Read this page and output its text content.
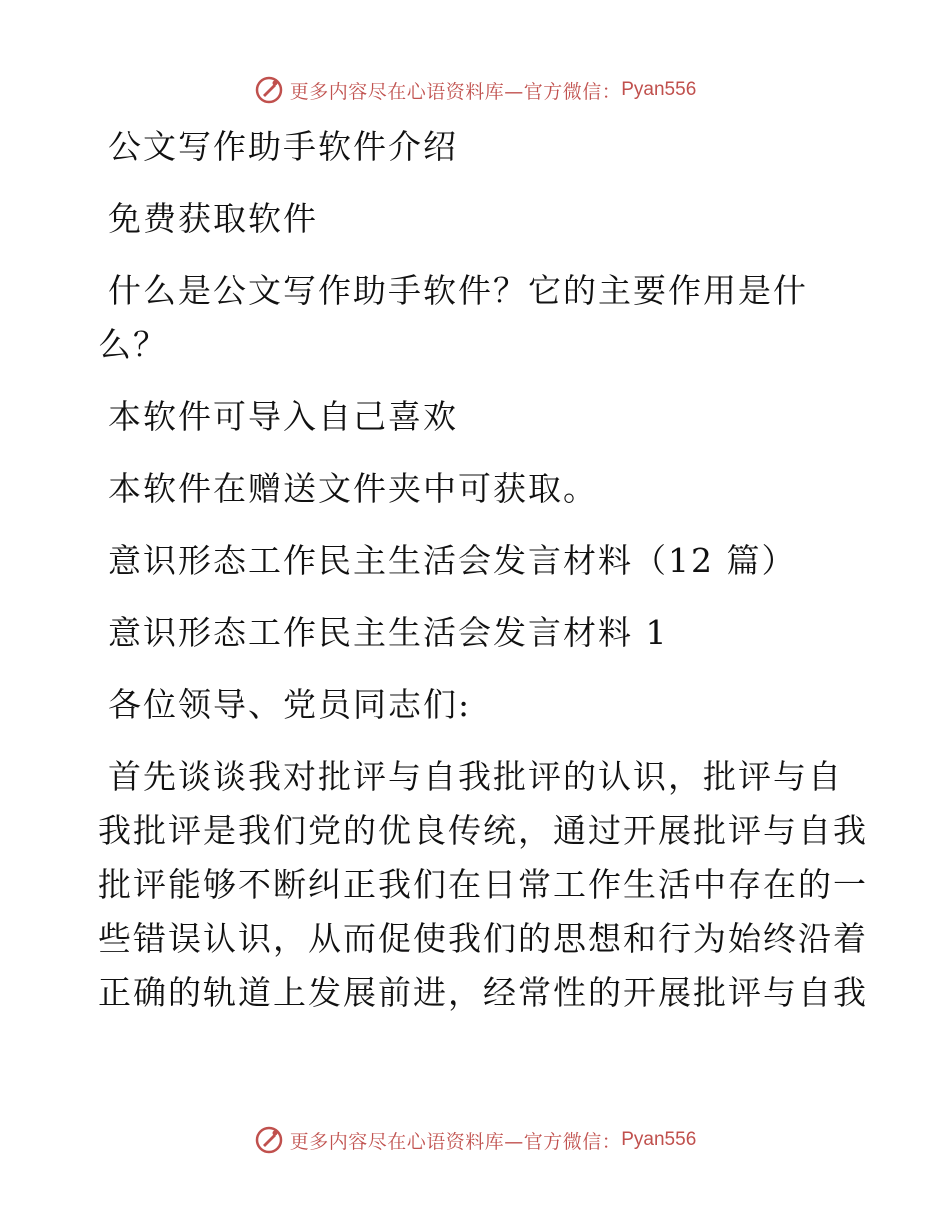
更多内容尽在心语资料库—官方微信： Pyan556

公文写作助手软件介绍

免费获取软件

什么是公文写作助手软件？它的主要作用是什

么？

本软件可导入自己喜欢

本软件在赠送文件夹中可获取。

意识形态工作民主生活会发言材料（12 篇）

意识形态工作民主生活会发言材料 1

各位领导、党员同志们:

首先谈谈我对批评与自我批评的认识，批评与自

我批评是我们党的优良传统，通过开展批评与自我

批评能够不断纠正我们在日常工作生活中存在的一

些错误认识，从而促使我们的思想和行为始终沿着

正确的轨道上发展前进，经常性的开展批评与自我

更多内容尽在心语资料库—官方微信： Pyan556
